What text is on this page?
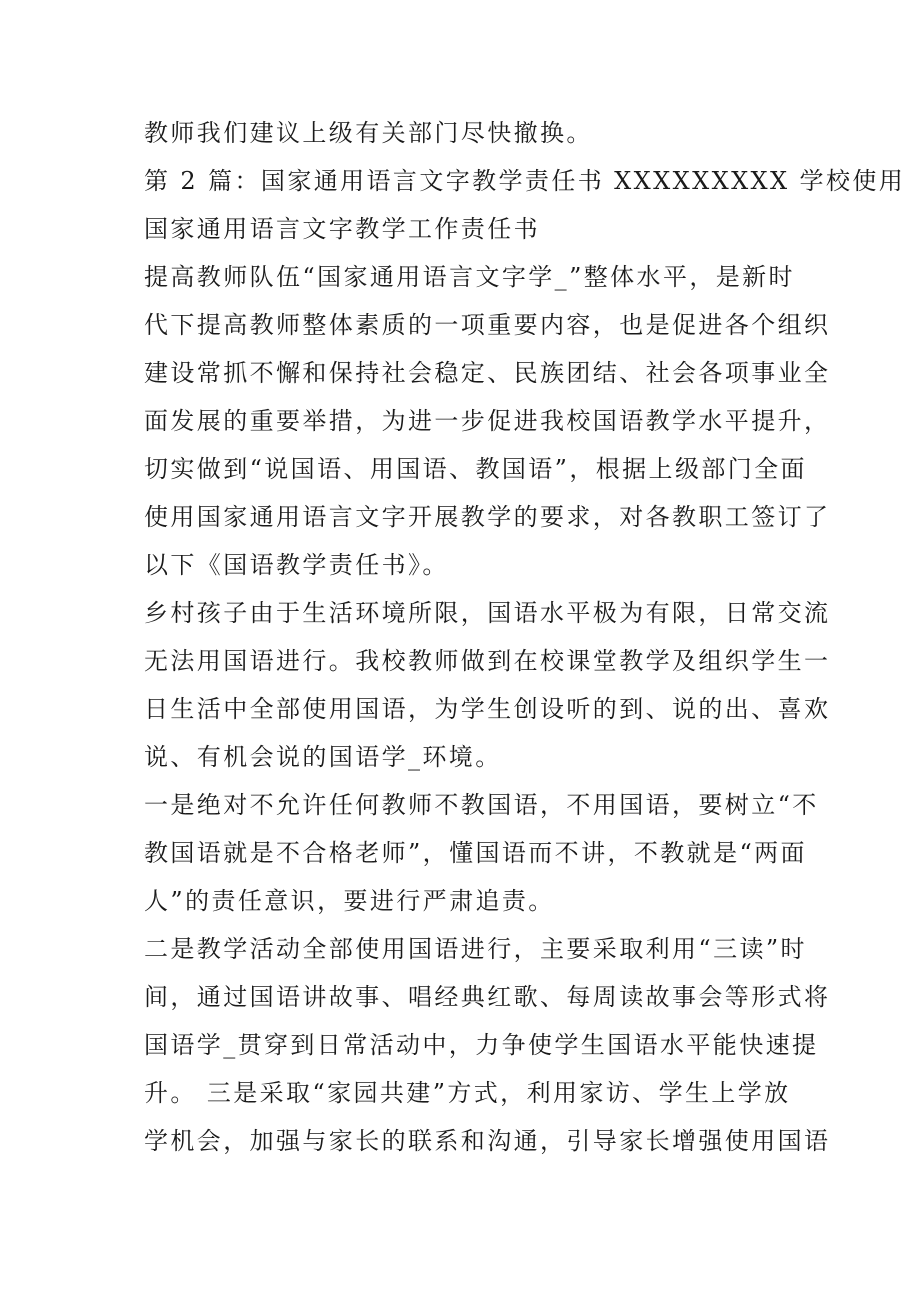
教师我们建议上级有关部门尽快撤换。
第 2 篇：国家通用语言文字教学责任书 XXXXXXXXX 学校使用
国家通用语言文字教学工作责任书
提高教师队伍“国家通用语言文字学_”整体水平，是新时
代下提高教师整体素质的一项重要内容，也是促进各个组织
建设常抓不懈和保持社会稳定、民族团结、社会各项事业全
面发展的重要举措，为进一步促进我校国语教学水平提升，
切实做到“说国语、用国语、教国语”，根据上级部门全面
使用国家通用语言文字开展教学的要求，对各教职工签订了
以下《国语教学责任书》。
乡村孩子由于生活环境所限，国语水平极为有限，日常交流
无法用国语进行。我校教师做到在校课堂教学及组织学生一
日生活中全部使用国语，为学生创设听的到、说的出、喜欢
说、有机会说的国语学_环境。
一是绝对不允许任何教师不教国语，不用国语，要树立“不
教国语就是不合格老师”，懂国语而不讲，不教就是“两面
人”的责任意识，要进行严肃追责。
二是教学活动全部使用国语进行，主要采取利用“三读”时
间，通过国语讲故事、唱经典红歌、每周读故事会等形式将
国语学_贯穿到日常活动中，力争使学生国语水平能快速提
升。 三是采取“家园共建”方式，利用家访、学生上学放
学机会，加强与家长的联系和沟通，引导家长增强使用国语
